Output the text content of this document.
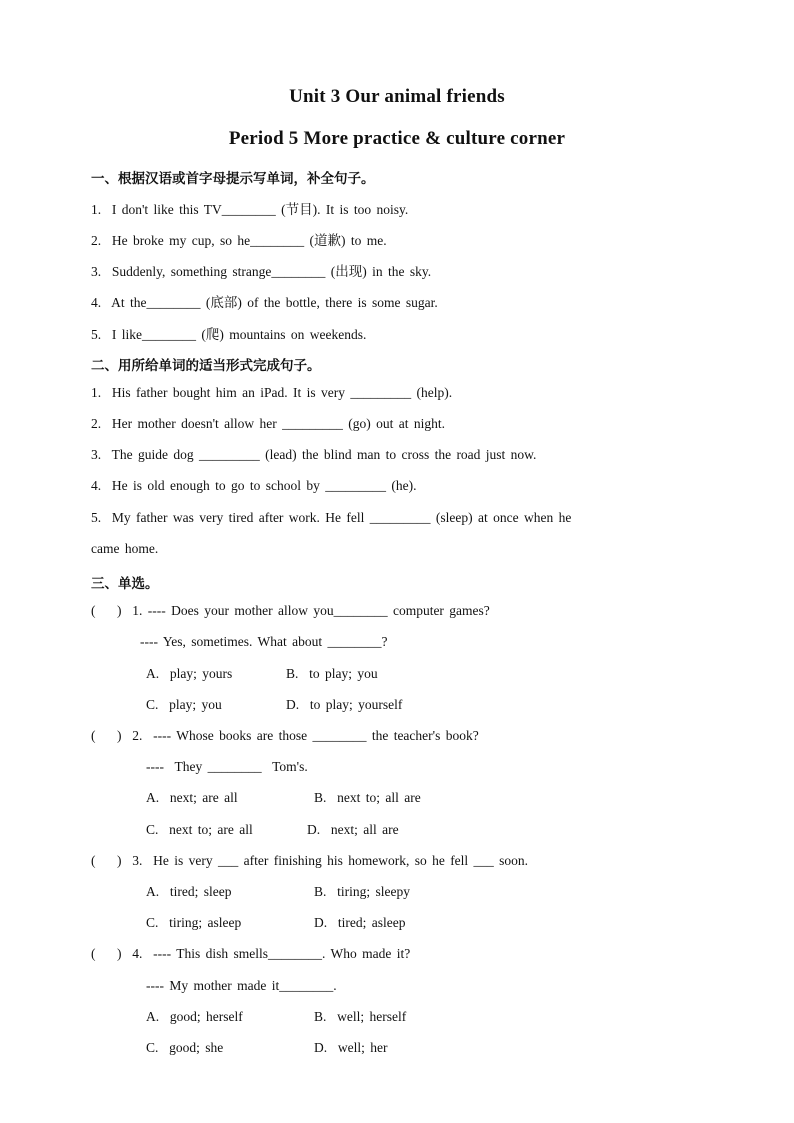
Unit 3 Our animal friends
Period 5 More practice & culture corner
一、根据汉语或首字母提示写单词，补全句子。
1.  I don't like this TV________ (节目). It is too noisy.
2.  He broke my cup, so he________ (道歉) to me.
3.  Suddenly, something strange________ (出现) in the sky.
4.  At the________ (底部) of the bottle, there is some sugar.
5.  I like________ (爬) mountains on weekends.
二、用所给单词的适当形式完成句子。
1.  His father bought him an iPad. It is very _________ (help).
2.  Her mother doesn't allow her _________ (go) out at night.
3.  The guide dog _________ (lead) the blind man to cross the road just now.
4.  He is old enough to go to school by _________ (he).
5.  My father was very tired after work. He fell _________ (sleep) at once when he
came home.
三、单选。
(    )  1. ---- Does your mother allow you________ computer games?
---- Yes, sometimes. What about ________?
A.  play; yours	B.  to play; you
C.  play; you	D.  to play; yourself
(    )  2.  ---- Whose books are those ________ the teacher's book?
----  They ________  Tom's.
A.  next; are all	B.  next to; all are
C.  next to; are all	D.  next; all are
(    )  3.  He is very ___ after finishing his homework, so he fell ___ soon.
A.  tired; sleep	B.  tiring; sleepy
C.  tiring; asleep	D.  tired; asleep
(    )  4.  ---- This dish smells________. Who made it?
---- My mother made it________.
A.  good; herself	B.  well; herself
C.  good; she	D.  well; her
